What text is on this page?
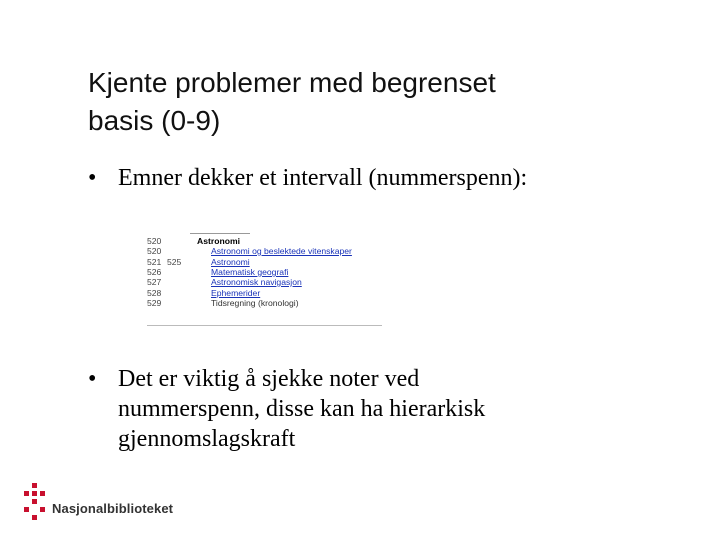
Kjente problemer med begrenset
basis (0-9)
• Emner dekker et intervall (nummerspenn):
520	Astronomi
520	Astronomi og beslektede vitenskaper
521 525	Astronomi
526	Matematisk geografi
527	Astronomisk navigasjon
528	Ephemerider
529	Tidsregning (kronologi)
• Det er viktig å sjekke noter ved
nummerspenn, disse kan ha hierarkisk
gjennomslagskraft
Nasjonalbiblioteket
